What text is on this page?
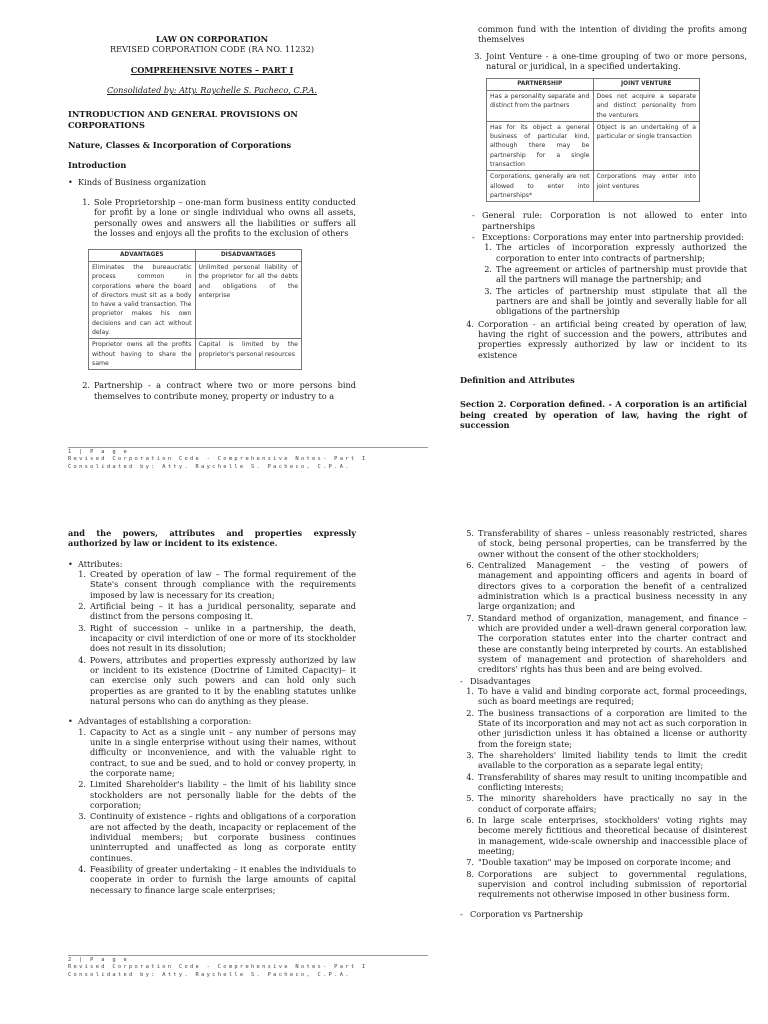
LAW ON CORPORATION

REVISED CORPORATION CODE (RA NO. 11232)

COMPREHENSIVE NOTES – PART I

Consolidated by: Atty. Raychelle S. Pacheco, C.P.A.

INTRODUCTION AND GENERAL PROVISIONS ON CORPORATIONS

Nature, Classes & Incorporation of Corporations

Introduction

• Kinds of Business organization
1. Sole Proprietorship – one-man form business entity conducted for profit by a lone or single individual who owns all assets, personally owes and answers all the liabilities or suffers all the losses and enjoys all the profits to the exclusion of others
ADVANTAGES	DISADVANTAGES
Eliminates the bureaucratic process common in corporations where the board of directors must sit as a body to have a valid transaction. The proprietor makes his own decisions and can act without delay.	Unlimited personal liability of the proprietor for all the debts and obligations of the enterprise
Proprietor owns all the profits without having to share the same	Capital is limited by the proprietor's personal resources
2. Partnership - a contract where two or more persons bind themselves to contribute money, property or industry to a

common fund with the intention of dividing the profits among themselves

3. Joint Venture - a one-time grouping of two or more persons, natural or juridical, in a specified undertaking.
PARTNERSHIP	JOINT VENTURE
Has a personality separate and distinct from the partners	Does not acquire a separate and distinct personality from the venturers
Has for its object a general business of particular kind, although there may be partnership for a single transaction	Object is an undertaking of a particular or single transaction
Corporations, generally are not allowed to enter into partnerships*	Corporations may enter into joint ventures
- General rule: Corporation is not allowed to enter into partnerships
- Exceptions: Corporations may enter into partnership provided:
1. The articles of incorporation expressly authorized the corporation to enter into contracts of partnership;
2. The agreement or articles of partnership must provide that all the partners will manage the partnership; and
3. The articles of partnership must stipulate that all the partners are and shall be jointly and severally liable for all obligations of the partnership
4. Corporation - an artificial being created by operation of law, having the right of succession and the powers, attributes and properties expressly authorized by law or incident to its existence

Definition and Attributes

Section 2. Corporation defined. - A corporation is an artificial being created by operation of law, having the right of succession

1 | P a g e
Revised Corporation Code - Comprehensive Notes- Part I
Consolidated by: Atty. Raychelle S. Pacheco, C.P.A.

and the powers, attributes and properties expressly authorized by law or incident to its existence.

• Attributes:
1. Created by operation of law – The formal requirement of the State's consent through compliance with the requirements imposed by law is necessary for its creation;
2. Artificial being – it has a juridical personality, separate and distinct from the persons composing it.
3. Right of succession – unlike in a partnership, the death, incapacity or civil interdiction of one or more of its stockholder does not result in its dissolution;
4. Powers, attributes and properties expressly authorized by law or incident to its existence (Doctrine of Limited Capacity)– it can exercise only such powers and can hold only such properties as are granted to it by the enabling statutes unlike natural persons who can do anything as they please.
• Advantages of establishing a corporation:
1. Capacity to Act as a single unit – any number of persons may unite in a single enterprise without using their names, without difficulty or inconvenience, and with the valuable right to contract, to sue and be sued, and to hold or convey property, in the corporate name;
2. Limited Shareholder's liability – the limit of his liability since stockholders are not personally liable for the debts of the corporation;
3. Continuity of existence – rights and obligations of a corporation are not affected by the death, incapacity or replacement of the individual members; but corporate business continues uninterrupted and unaffected as long as corporate entity continues.
4. Feasibility of greater undertaking – it enables the individuals to cooperate in order to furnish the large amounts of capital necessary to finance large scale enterprises;
5. Transferability of shares – unless reasonably restricted, shares of stock, being personal properties, can be transferred by the owner without the consent of the other stockholders;
6. Centralized Management – the vesting of powers of management and appointing officers and agents in board of directors gives to a corporation the benefit of a centralized administration which is a practical business necessity in any large organization; and
7. Standard method of organization, management, and finance – which are provided under a well-drawn general corporation law. The corporation statutes enter into the charter contract and these are constantly being interpreted by courts. An established system of management and protection of shareholders and creditors' rights has thus been and are being evolved.
- Disadvantages
1. To have a valid and binding corporate act, formal proceedings, such as board meetings are required;
2. The business transactions of a corporation are limited to the State of its incorporation and may not act as such corporation in other jurisdiction unless it has obtained a license or authority from the foreign state;
3. The shareholders' limited liability tends to limit the credit available to the corporation as a separate legal entity;
4. Transferability of shares may result to uniting incompatible and conflicting interests;
5. The minority shareholders have practically no say in the conduct of corporate affairs;
6. In large scale enterprises, stockholders' voting rights may become merely fictitious and theoretical because of disinterest in management, wide-scale ownership and inaccessible place of meeting;
7. "Double taxation" may be imposed on corporate income; and
8. Corporations are subject to governmental regulations, supervision and control including submission of reportorial requirements not otherwise imposed in other business form.
- Corporation vs Partnership
2 | P a g e
Revised Corporation Code - Comprehensive Notes- Part I
Consolidated by: Atty. Raychelle S. Pacheco, C.P.A.
